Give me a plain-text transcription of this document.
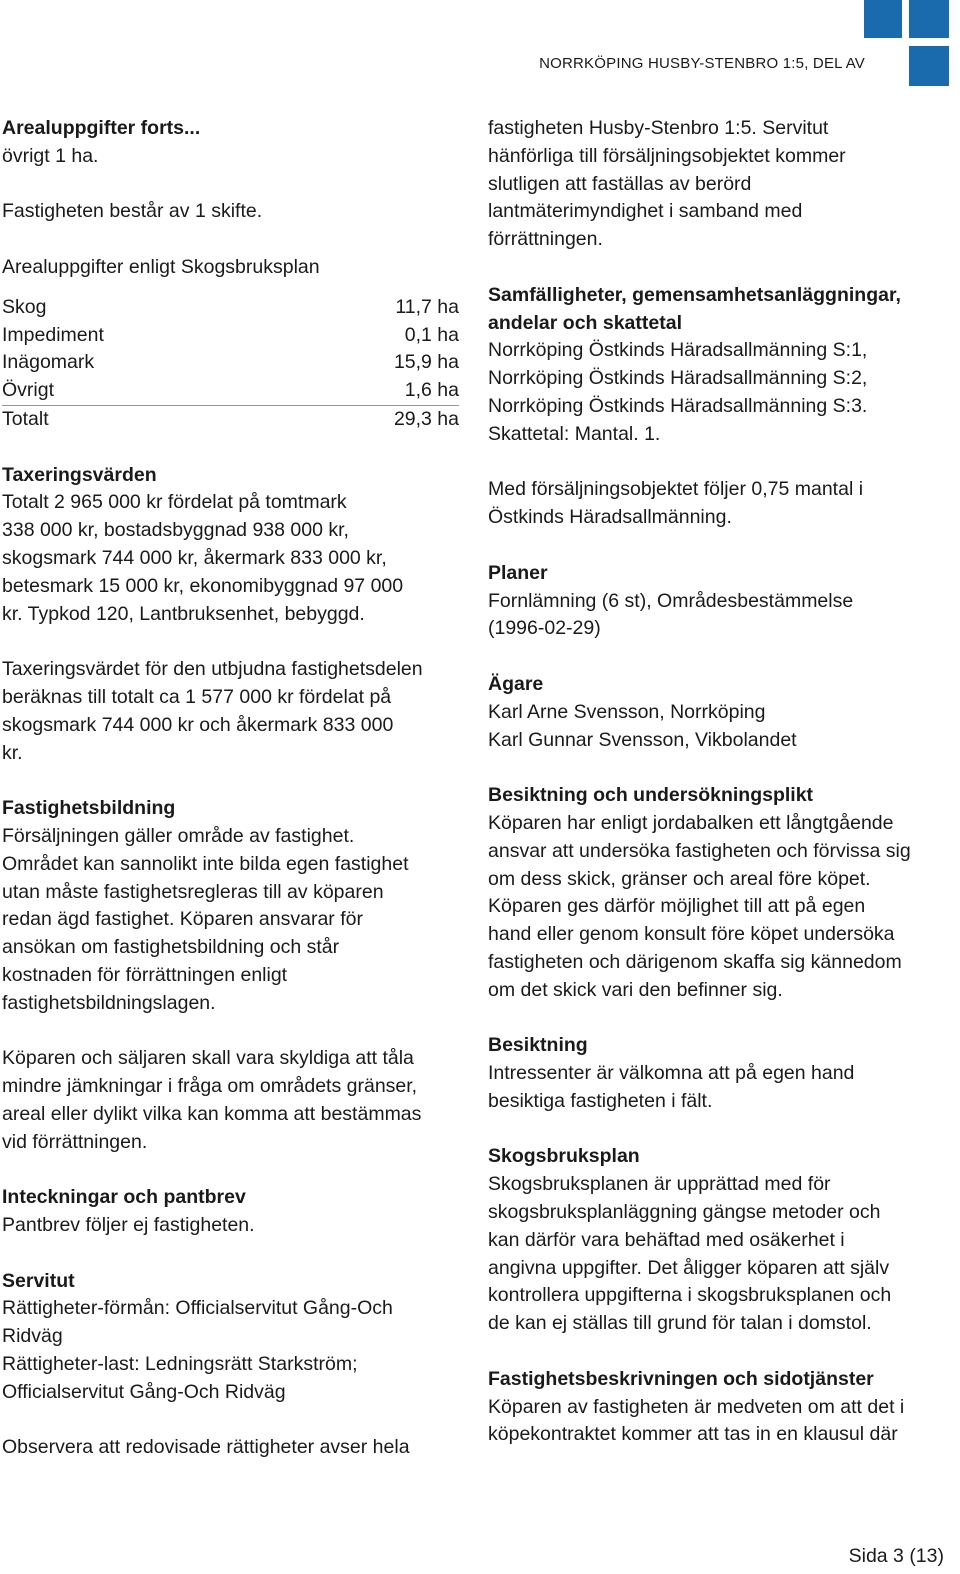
NORRKÖPING HUSBY-STENBRO 1:5, DEL AV

Arealuppgifter forts...

övrigt 1 ha.

Fastigheten består av 1 skifte.

Arealuppgifter enligt Skogsbruksplan

Skog	11,7 ha
Impediment	0,1 ha
Inägomark	15,9 ha
Övrigt	1,6 ha
Totalt	29,3 ha

Taxeringsvärden

Totalt 2 965 000 kr fördelat på tomtmark
338 000 kr, bostadsbyggnad 938 000 kr,
skogsmark 744 000 kr, åkermark 833 000 kr,
betesmark 15 000 kr, ekonomibyggnad 97 000
kr. Typkod 120, Lantbruksenhet, bebyggd.

Taxeringsvärdet för den utbjudna fastighetsdelen
beräknas till totalt ca 1 577 000 kr fördelat på
skogsmark 744 000 kr och åkermark 833 000
kr.

Fastighetsbildning

Försäljningen gäller område av fastighet.
Området kan sannolikt inte bilda egen fastighet
utan måste fastighetsregleras till av köparen
redan ägd fastighet. Köparen ansvarar för
ansökan om fastighetsbildning och står
kostnaden för förrättningen enligt
fastighetsbildningslagen.

Köparen och säljaren skall vara skyldiga att tåla
mindre jämkningar i fråga om områdets gränser,
areal eller dylikt vilka kan komma att bestämmas
vid förrättningen.

Inteckningar och pantbrev

Pantbrev följer ej fastigheten.

Servitut

Rättigheter-förmån: Officialservitut Gång-Och
Ridväg
Rättigheter-last: Ledningsrätt Starkström;
Officialservitut Gång-Och Ridväg

Observera att redovisade rättigheter avser hela

fastigheten Husby-Stenbro 1:5. Servitut
hänförliga till försäljningsobjektet kommer
slutligen att faställas av berörd
lantmäterimyndighet i samband med
förrättningen.

Samfälligheter, gemensamhetsanläggningar,
andelar och skattetal

Norrköping Östkinds Häradsallmänning S:1,
Norrköping Östkinds Häradsallmänning S:2,
Norrköping Östkinds Häradsallmänning S:3.
Skattetal: Mantal. 1.

Med försäljningsobjektet följer 0,75 mantal i
Östkinds Häradsallmänning.

Planer

Fornlämning (6 st), Områdesbestämmelse
(1996-02-29)

Ägare

Karl Arne Svensson, Norrköping
Karl Gunnar Svensson, Vikbolandet

Besiktning och undersökningsplikt

Köparen har enligt jordabalken ett långtgående
ansvar att undersöka fastigheten och förvissa sig
om dess skick, gränser och areal före köpet.
Köparen ges därför möjlighet till att på egen
hand eller genom konsult före köpet undersöka
fastigheten och därigenom skaffa sig kännedom
om det skick vari den befinner sig.

Besiktning

Intressenter är välkomna att på egen hand
besiktiga fastigheten i fält.

Skogsbruksplan

Skogsbruksplanen är upprättad med för
skogsbruksplanläggning gängse metoder och
kan därför vara behäftad med osäkerhet i
angivna uppgifter. Det åligger köparen att själv
kontrollera uppgifterna i skogsbruksplanen och
de kan ej ställas till grund för talan i domstol.

Fastighetsbeskrivningen och sidotjänster

Köparen av fastigheten är medveten om att det i
köpekontraktet kommer att tas in en klausul där

Sida 3 (13)
